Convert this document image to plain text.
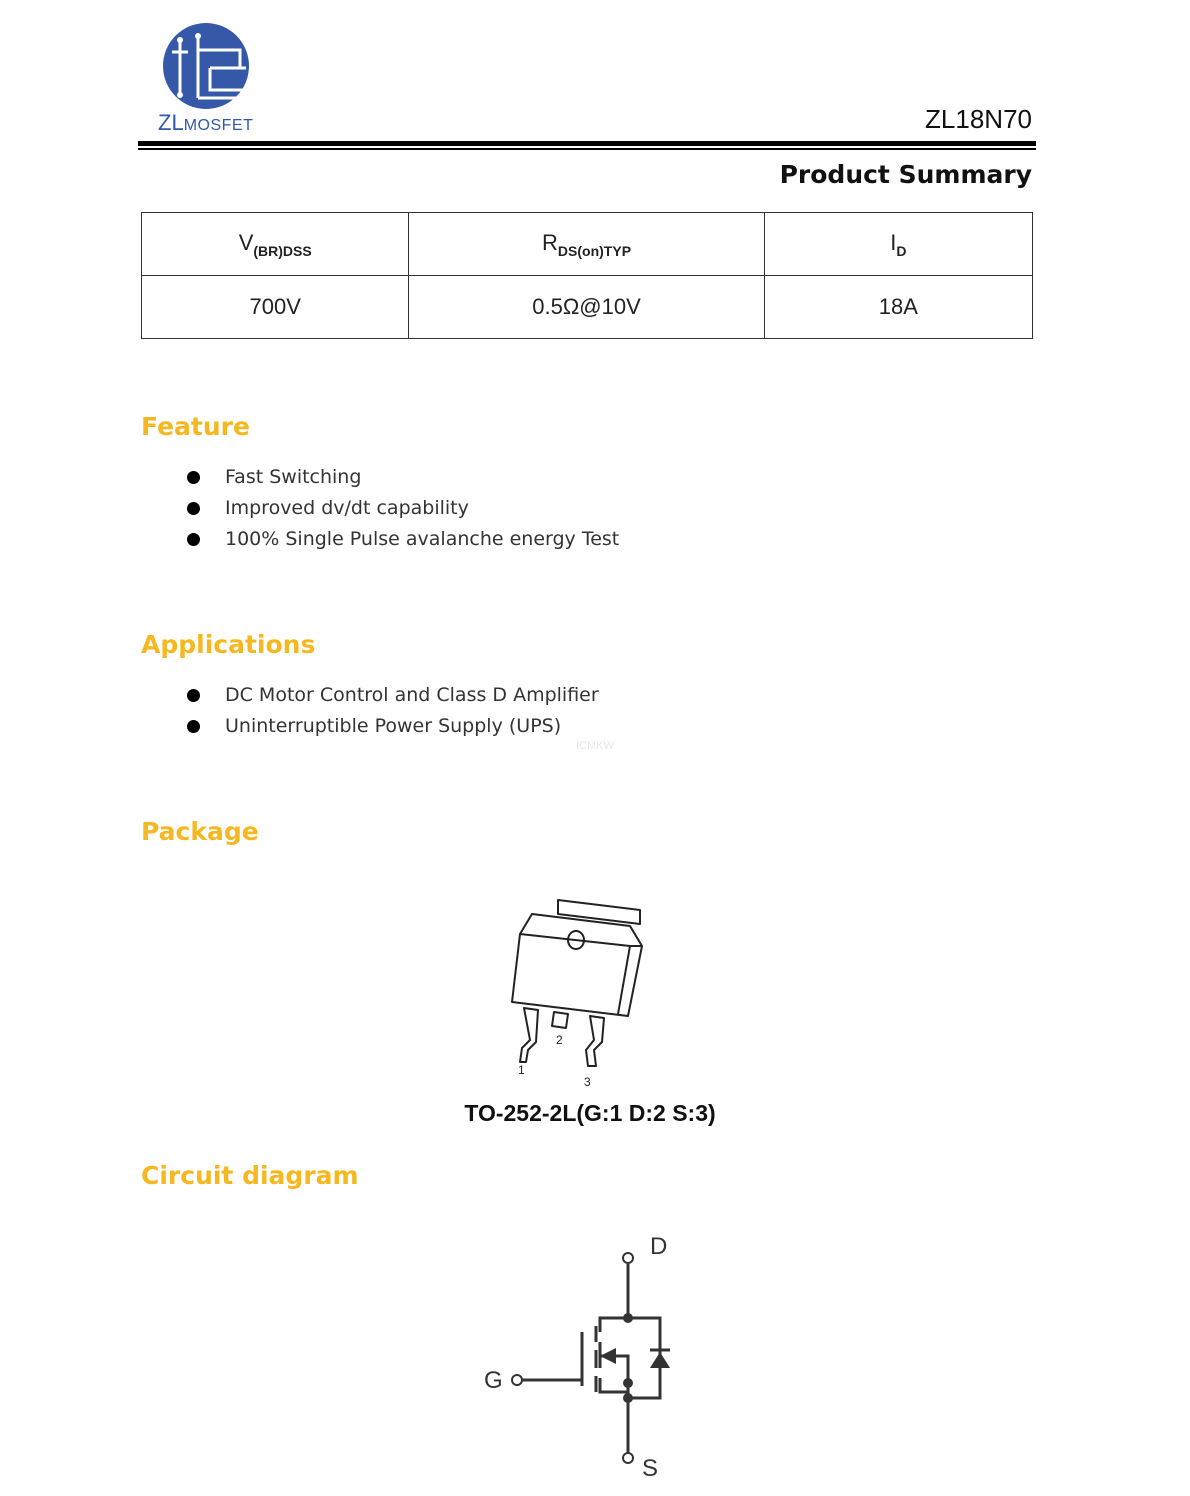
ZLMOSFET	ZL18N70
Product Summary
$V_{(BR)DSS}$	$R_{DS(on)TYP}$	$I_D$
700V	0.5Ω@10V	18A
Feature
Fast Switching
Improved dv/dt capability
100% Single Pulse avalanche energy Test
Applications
DC Motor Control and Class D Amplifier
Uninterruptible Power Supply (UPS)
ICMKW
Package
1
2
3
TO-252-2L(G:1 D:2 S:3)
Circuit diagram
D
G
S
